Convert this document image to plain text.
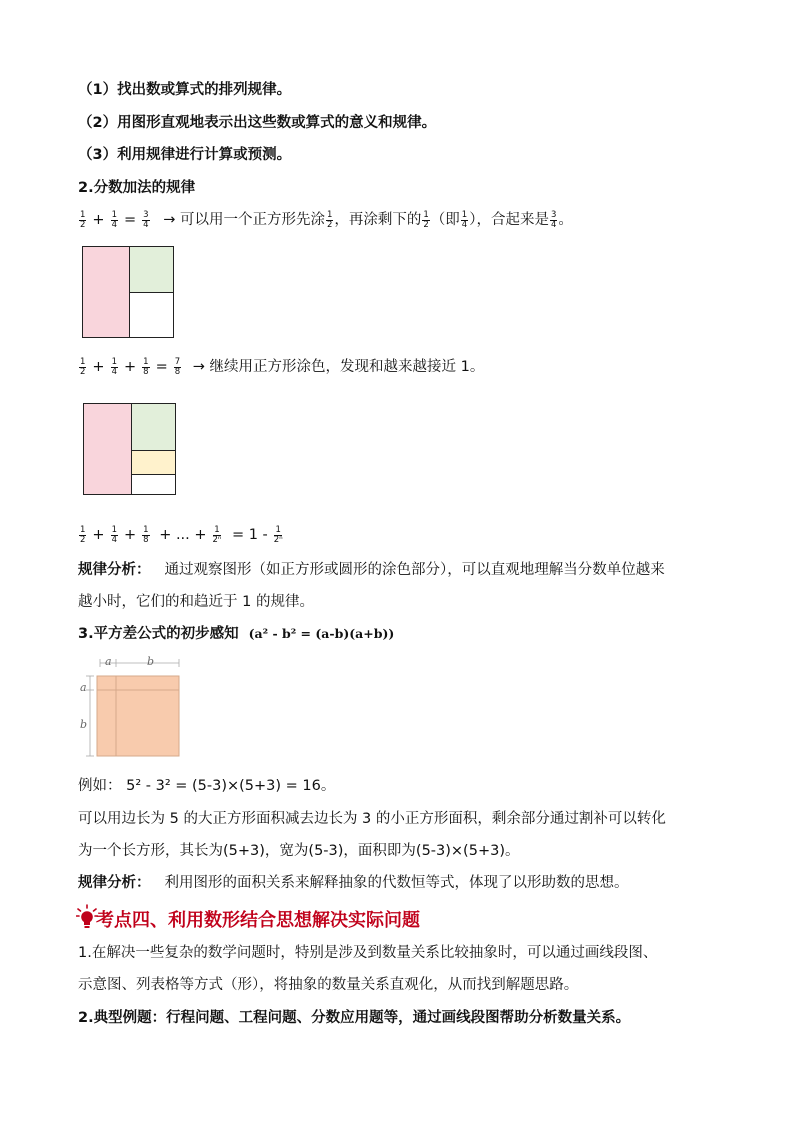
（1）找出数或算式的排列规律。
（2）用图形直观地表示出这些数或算式的意义和规律。
（3）利用规律进行计算或预测。
2.分数加法的规律
$\frac{1}{2} + \frac{1}{4} = \frac{3}{4}$ → 可以用一个正方形先涂 $\frac{1}{2}$ ，再涂剩下的 $\frac{1}{2}$ （即 $\frac{1}{4}$ ），合起来是 $\frac{3}{4}$ 。
$\frac{1}{2} + \frac{1}{4} + \frac{1}{8} = \frac{7}{8}$ → 继续用正方形涂色，发现和越来越接近 1。
$\frac{1}{2} + \frac{1}{4} + \frac{1}{8}$ + ... + $\frac{1}{\text{2ⁿ}} = 1 - \frac{1}{\text{2ⁿ}}$
规律分析： 通过观察图形（如正方形或圆形的涂色部分），可以直观地理解当分数单位越来
越小时，它们的和趋近于 1 的规律。
3.平方差公式的初步感知 (a² - b² = (a-b)(a+b))
a	b
a
b
例如： 5² - 3² = (5-3)×(5+3) = 16。
可以用边长为 5 的大正方形面积减去边长为 3 的小正方形面积，剩余部分通过割补可以转化
为一个长方形，其长为(5+3)，宽为(5-3)，面积即为(5-3)×(5+3)。
规律分析： 利用图形的面积关系来解释抽象的代数恒等式，体现了以形助数的思想。
考点四、利用数形结合思想解决实际问题
1.在解决一些复杂的数学问题时，特别是涉及到数量关系比较抽象时，可以通过画线段图、
示意图、列表格等方式（形），将抽象的数量关系直观化，从而找到解题思路。
2.典型例题：行程问题、工程问题、分数应用题等，通过画线段图帮助分析数量关系。
